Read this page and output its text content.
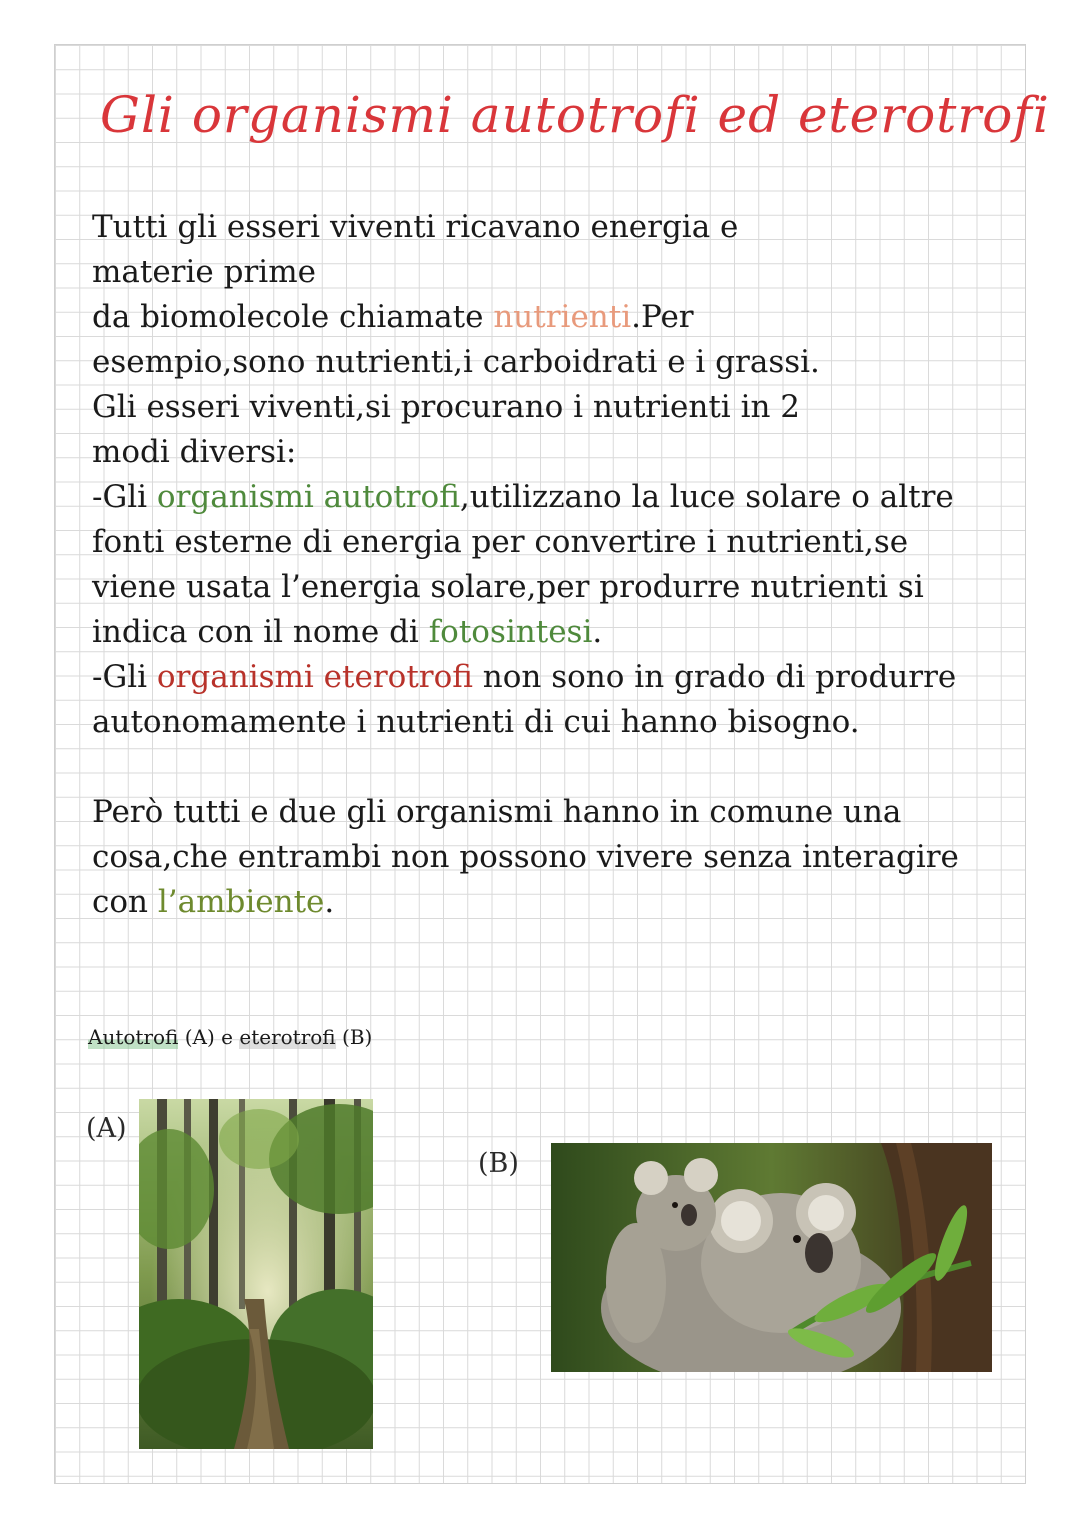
Gli organismi autotrofi ed eterotrofi

Tutti gli esseri viventi ricavano energia e

materie prime

da biomolecole chiamate nutrienti.Per

esempio,sono nutrienti,i carboidrati e i grassi.

Gli esseri viventi,si procurano i nutrienti in 2

modi diversi:

-Gli organismi autotrofi,utilizzano la luce solare o altre fonti esterne di energia per convertire i nutrienti,se viene usata l’energia solare,per produrre nutrienti si indica con il nome di fotosintesi.

-Gli organismi eterotrofi non sono in grado di produrre autonomamente i nutrienti di cui hanno bisogno.

Però tutti e due gli organismi hanno in comune una cosa,che entrambi non possono vivere senza interagire con l’ambiente.

Autotrofi (A) e eterotrofi (B)
(A)
(B)
